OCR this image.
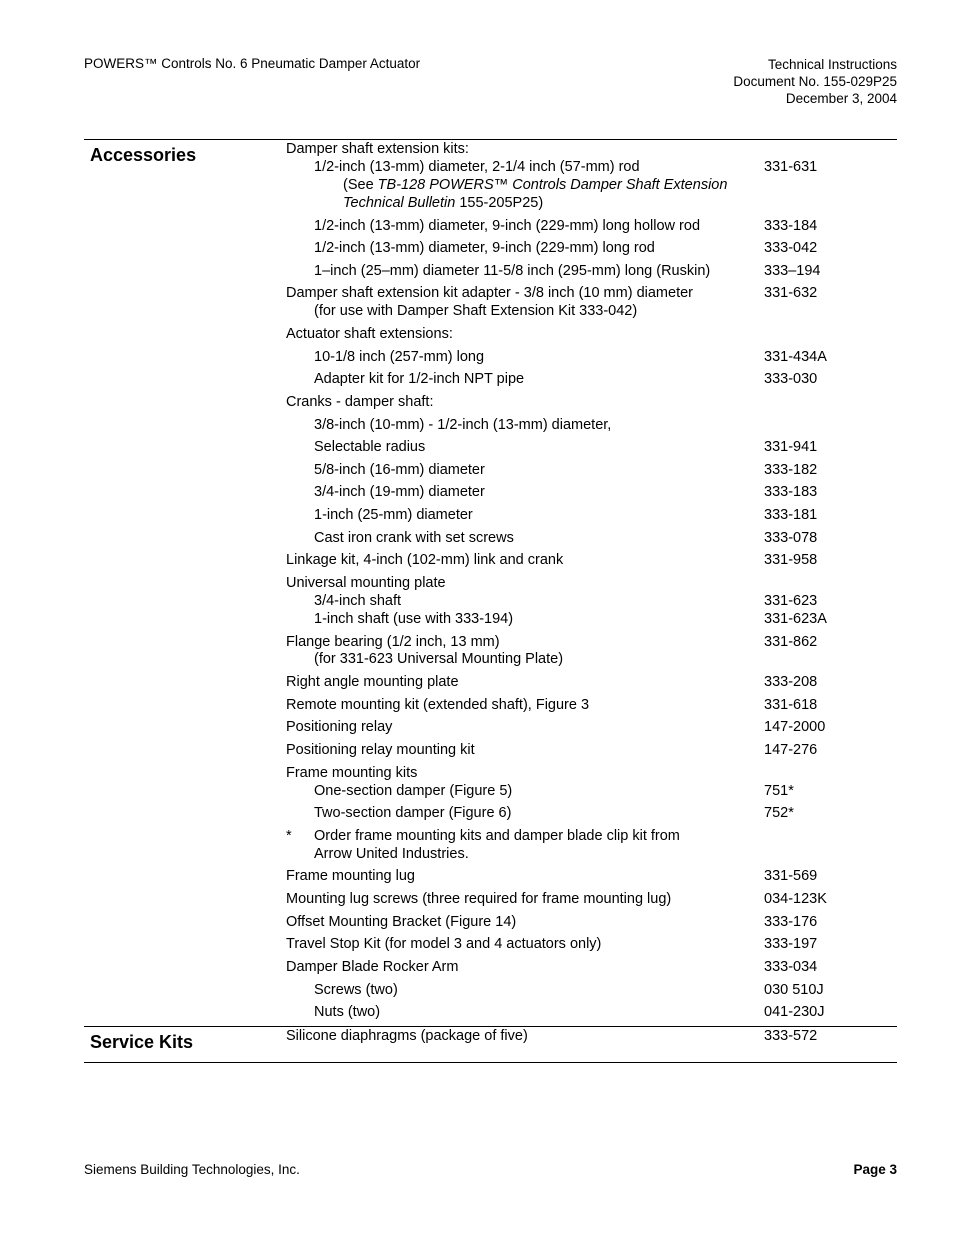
POWERS™ Controls No. 6 Pneumatic Damper Actuator	Technical Instructions
Document No. 155-029P25
December 3, 2004
Accessories	Damper shaft extension kits:
1/2-inch (13-mm) diameter, 2-1/4 inch (57-mm) rod	331-631
(See TB-128 POWERS™ Controls Damper Shaft Extension
Technical Bulletin 155-205P25)
1/2-inch (13-mm) diameter, 9-inch (229-mm) long hollow rod	333-184
1/2-inch (13-mm) diameter, 9-inch (229-mm) long rod	333-042
1–inch (25–mm) diameter 11-5/8 inch (295-mm) long (Ruskin)	333–194
Damper shaft extension kit adapter - 3/8 inch (10 mm) diameter	331-632
(for use with Damper Shaft Extension Kit 333-042)
Actuator shaft extensions:
10-1/8 inch (257-mm) long	331-434A
Adapter kit for 1/2-inch NPT pipe	333-030
Cranks - damper shaft:
3/8-inch (10-mm) - 1/2-inch (13-mm) diameter,
Selectable radius	331-941
5/8-inch (16-mm) diameter	333-182
3/4-inch (19-mm) diameter	333-183
1-inch (25-mm) diameter	333-181
Cast iron crank with set screws	333-078
Linkage kit, 4-inch (102-mm) link and crank	331-958
Universal mounting plate
3/4-inch shaft	331-623
1-inch shaft (use with 333-194)	331-623A
Flange bearing (1/2 inch, 13 mm)	331-862
(for 331-623 Universal Mounting Plate)
Right angle mounting plate	333-208
Remote mounting kit (extended shaft), Figure 3	331-618
Positioning relay	147-2000
Positioning relay mounting kit	147-276
Frame mounting kits
One-section damper (Figure 5)	751*
Two-section damper (Figure 6)	752*
* Order frame mounting kits and damper blade clip kit from
Arrow United Industries.
Frame mounting lug	331-569
Mounting lug screws (three required for frame mounting lug)	034-123K
Offset Mounting Bracket (Figure 14)	333-176
Travel Stop Kit (for model 3 and 4 actuators only)	333-197
Damper Blade Rocker Arm	333-034
Screws (two)	030 510J
Nuts (two)	041-230J
Service Kits	Silicone diaphragms (package of five)	333-572
Siemens Building Technologies, Inc.	Page 3
